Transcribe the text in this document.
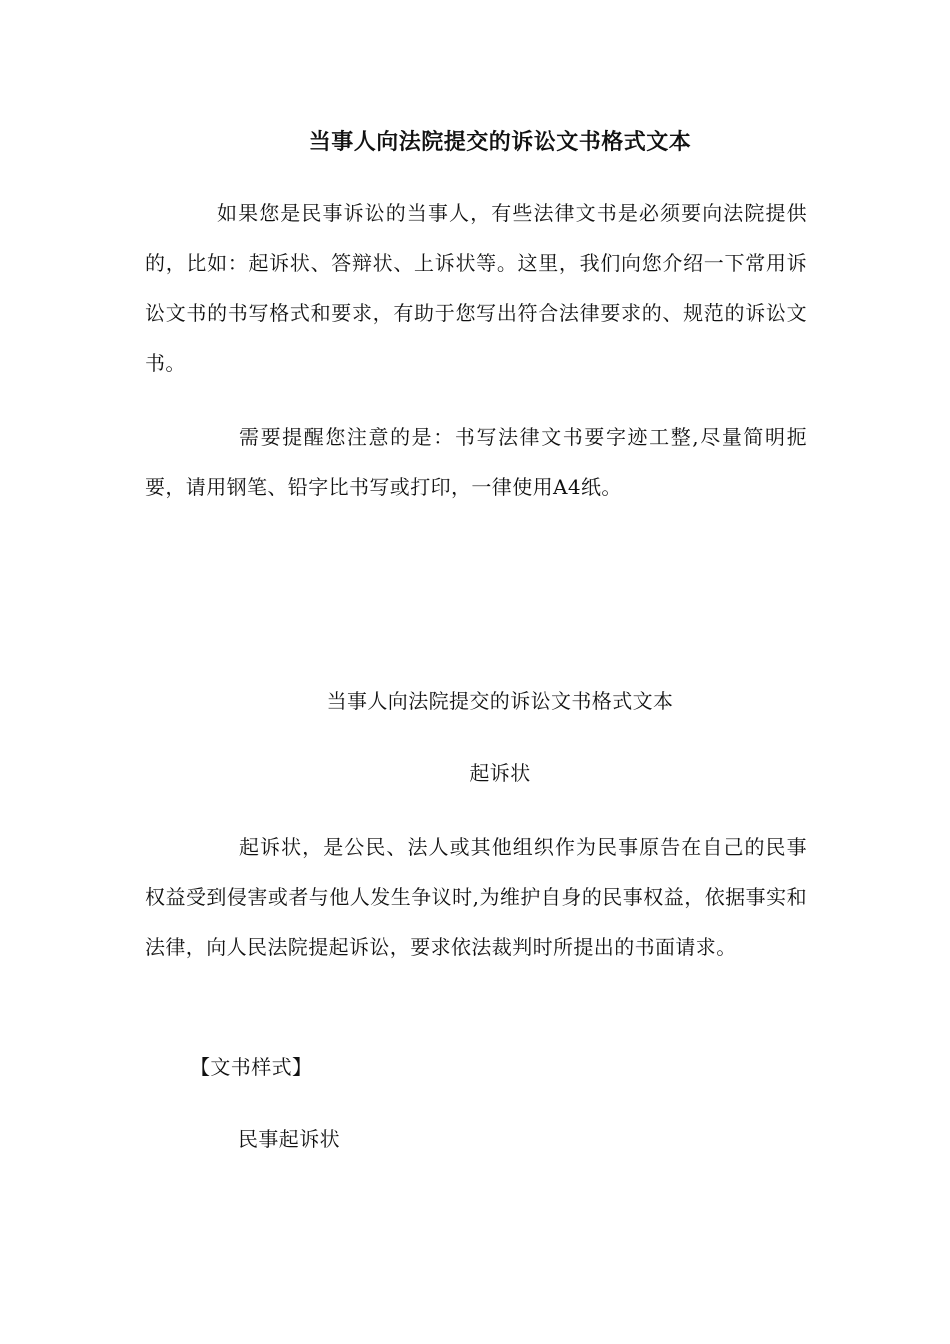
当事人向法院提交的诉讼文书格式文本

如果您是民事诉讼的当事人，有些法律文书是必须要向法院提供的，比如：起诉状、答辩状、上诉状等。这里，我们向您介绍一下常用诉讼文书的书写格式和要求，有助于您写出符合法律要求的、规范的诉讼文书。

需要提醒您注意的是：书写法律文书要字迹工整,尽量简明扼要，请用钢笔、铅字比书写或打印，一律使用A4纸。

当事人向法院提交的诉讼文书格式文本

起诉状

起诉状，是公民、法人或其他组织作为民事原告在自己的民事权益受到侵害或者与他人发生争议时,为维护自身的民事权益，依据事实和法律，向人民法院提起诉讼，要求依法裁判时所提出的书面请求。

【文书样式】

民事起诉状
